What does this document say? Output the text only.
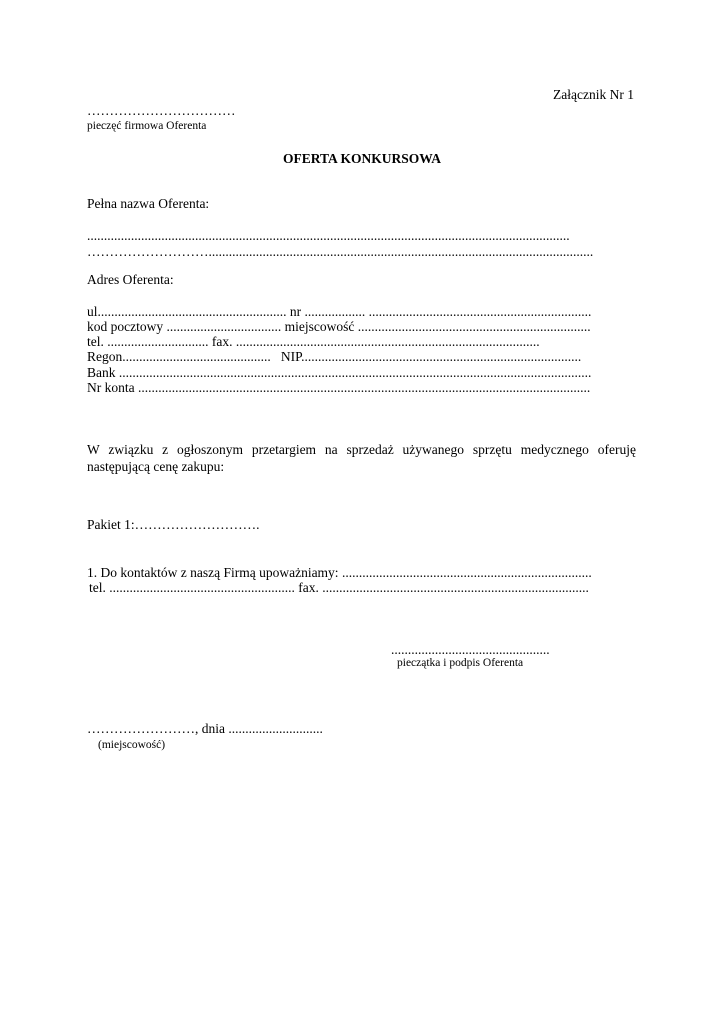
Załącznik Nr 1
……………………………
pieczęć firmowa Oferenta
OFERTA KONKURSOWA
Pełna nazwa Oferenta:
...............................................................................................................................................
………………………..................................................................................................................
Adres Oferenta:
ul........................................................ nr .................. ..................................................................
kod pocztowy .................................. miejscowość .....................................................................
tel. .............................. fax. ..........................................................................................
Regon............................................   NIP...................................................................................
Bank ............................................................................................................................................
Nr konta ......................................................................................................................................
W związku z ogłoszonym przetargiem na sprzedaż używanego sprzętu medycznego oferuję następującą cenę zakupu:
Pakiet 1:……………………….
1. Do kontaktów z naszą Firmą upoważniamy: ..........................................................................
tel. ....................................................... fax. ...............................................................................
...............................................
pieczątka i podpis Oferenta
……………………, dnia ............................
(miejscowość)
